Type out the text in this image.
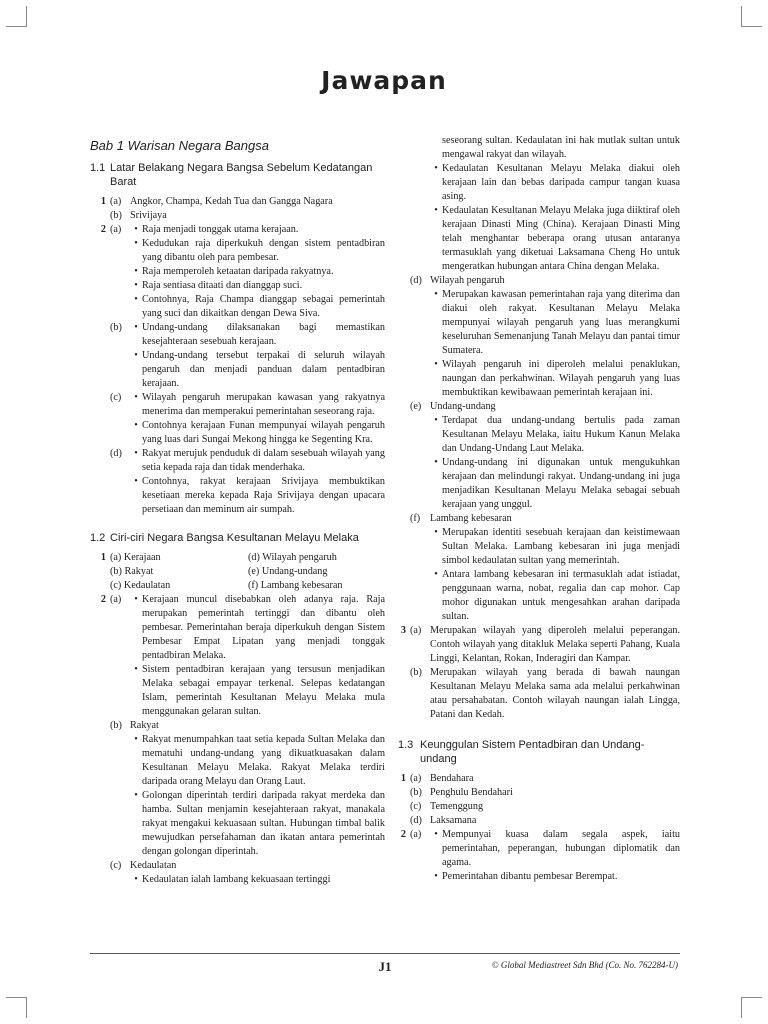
Jawapan
Bab 1 Warisan Negara Bangsa
1.1 Latar Belakang Negara Bangsa Sebelum Kedatangan Barat
1 (a) Angkor, Champa, Kedah Tua dan Gangga Nagara
(b) Srivijaya
2 (a)	• Raja menjadi tonggak utama kerajaan.
• Kedudukan raja diperkukuh dengan sistem pentadbiran yang dibantu oleh para pembesar.
• Raja memperoleh ketaatan daripada rakyatnya.
• Raja sentiasa ditaati dan dianggap suci.
• Contohnya, Raja Champa dianggap sebagai pemerintah yang suci dan dikaitkan dengan Dewa Siva.
(b)	• Undang-undang dilaksanakan bagi memastikan kesejahteraan sesebuah kerajaan.
• Undang-undang tersebut terpakai di seluruh wilayah pengaruh dan menjadi panduan dalam pentadbiran kerajaan.
(c)	• Wilayah pengaruh merupakan kawasan yang rakyatnya menerima dan memperakui pemerintahan seseorang raja.
• Contohnya kerajaan Funan mempunyai wilayah pengaruh yang luas dari Sungai Mekong hingga ke Segenting Kra.
(d)	• Rakyat merujuk penduduk di dalam sesebuah wilayah yang setia kepada raja dan tidak menderhaka.
• Contohnya, rakyat kerajaan Srivijaya membuktikan kesetiaan mereka kepada Raja Srivijaya dengan upacara persetiaan dan meminum air sumpah.
1.2 Ciri-ciri Negara Bangsa Kesultanan Melayu Melaka
1 (a) Kerajaan	(d) Wilayah pengaruh
(b) Rakyat	(e) Undang-undang
(c) Kedaulatan	(f) Lambang kebesaran
2 (a)	• Kerajaan muncul disebabkan oleh adanya raja. Raja merupakan pemerintah tertinggi dan dibantu oleh pembesar. Pemerintahan beraja diperkukuh dengan Sistem Pembesar Empat Lipatan yang menjadi tonggak pentadbiran Melaka.
• Sistem pentadbiran kerajaan yang tersusun menjadikan Melaka sebagai empayar terkenal. Selepas kedatangan Islam, pemerintah Kesultanan Melayu Melaka mula menggunakan gelaran sultan.
(b) Rakyat
• Rakyat menumpahkan taat setia kepada Sultan Melaka dan mematuhi undang-undang yang dikuatkuasakan dalam Kesultanan Melayu Melaka. Rakyat Melaka terdiri daripada orang Melayu dan Orang Laut.
• Golongan diperintah terdiri daripada rakyat merdeka dan hamba. Sultan menjamin kesejahteraan rakyat, manakala rakyat mengakui kekuasaan sultan. Hubungan timbal balik mewujudkan persefahaman dan ikatan antara pemerintah dengan golongan diperintah.
(c) Kedaulatan
• Kedaulatan ialah lambang kekuasaan tertinggi
seseorang sultan. Kedaulatan ini hak mutlak sultan untuk mengawal rakyat dan wilayah.
• Kedaulatan Kesultanan Melayu Melaka diakui oleh kerajaan lain dan bebas daripada campur tangan kuasa asing.
• Kedaulatan Kesultanan Melayu Melaka juga diiktiraf oleh kerajaan Dinasti Ming (China). Kerajaan Dinasti Ming telah menghantar beberapa orang utusan antaranya termasuklah yang diketuai Laksamana Cheng Ho untuk mengeratkan hubungan antara China dengan Melaka.
(d) Wilayah pengaruh
• Merupakan kawasan pemerintahan raja yang diterima dan diakui oleh rakyat. Kesultanan Melayu Melaka mempunyai wilayah pengaruh yang luas merangkumi keseluruhan Semenanjung Tanah Melayu dan pantai timur Sumatera.
• Wilayah pengaruh ini diperoleh melalui penaklukan, naungan dan perkahwinan. Wilayah pengaruh yang luas membuktikan kewibawaan pemerintah kerajaan ini.
(e) Undang-undang
• Terdapat dua undang-undang bertulis pada zaman Kesultanan Melayu Melaka, iaitu Hukum Kanun Melaka dan Undang-Undang Laut Melaka.
• Undang-undang ini digunakan untuk mengukuhkan kerajaan dan melindungi rakyat. Undang-undang ini juga menjadikan Kesultanan Melayu Melaka sebagai sebuah kerajaan yang unggul.
(f) Lambang kebesaran
• Merupakan identiti sesebuah kerajaan dan keistimewaan Sultan Melaka. Lambang kebesaran ini juga menjadi simbol kedaulatan sultan yang memerintah.
• Antara lambang kebesaran ini termasuklah adat istiadat, penggunaan warna, nobat, regalia dan cap mohor. Cap mohor digunakan untuk mengesahkan arahan daripada sultan.
3 (a) Merupakan wilayah yang diperoleh melalui peperangan. Contoh wilayah yang ditakluk Melaka seperti Pahang, Kuala Linggi, Kelantan, Rokan, Inderagiri dan Kampar.
(b) Merupakan wilayah yang berada di bawah naungan Kesultanan Melayu Melaka sama ada melalui perkahwinan atau persahabatan. Contoh wilayah naungan ialah Lingga, Patani dan Kedah.
1.3 Keunggulan Sistem Pentadbiran dan Undang-undang
1 (a) Bendahara
(b) Penghulu Bendahari
(c) Temenggung
(d) Laksamana
2 (a)	• Mempunyai kuasa dalam segala aspek, iaitu pemerintahan, peperangan, hubungan diplomatik dan agama.
• Pemerintahan dibantu pembesar Berempat.
J1	© Global Mediastreet Sdn Bhd (Co. No. 762284-U)
